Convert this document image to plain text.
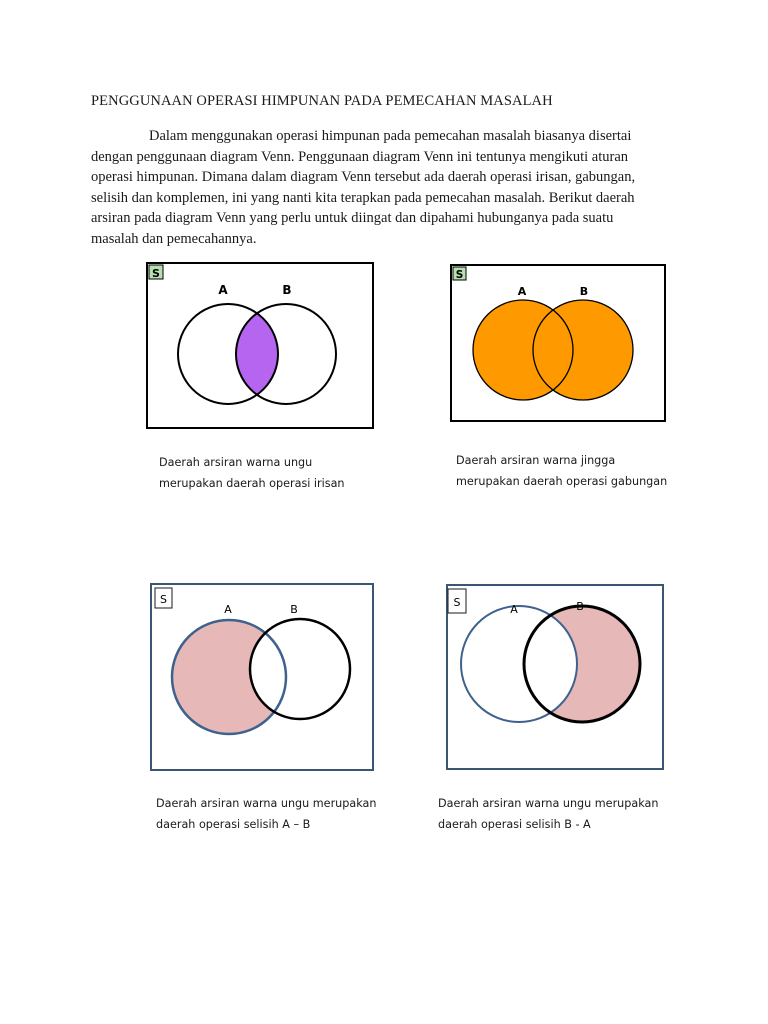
PENGGUNAAN OPERASI HIMPUNAN PADA PEMECAHAN MASALAH
Dalam menggunakan operasi himpunan pada pemecahan masalah biasanya disertai
dengan penggunaan diagram Venn. Penggunaan diagram Venn ini tentunya mengikuti aturan
operasi himpunan. Dimana dalam diagram Venn tersebut ada daerah operasi irisan, gabungan,
selisih dan komplemen, ini yang nanti kita terapkan pada pemecahan masalah. Berikut daerah
arsiran pada diagram Venn yang perlu untuk diingat dan dipahami hubunganya pada suatu
masalah dan pemecahannya.
S
A	B
Daerah arsiran warna ungu
merupakan daerah operasi irisan
S
A	B
Daerah arsiran warna jingga
merupakan daerah operasi gabungan
S
A	B
Daerah arsiran warna ungu merupakan
daerah operasi selisih A – B
S
A	B
Daerah arsiran warna ungu merupakan
daerah operasi selisih B - A
